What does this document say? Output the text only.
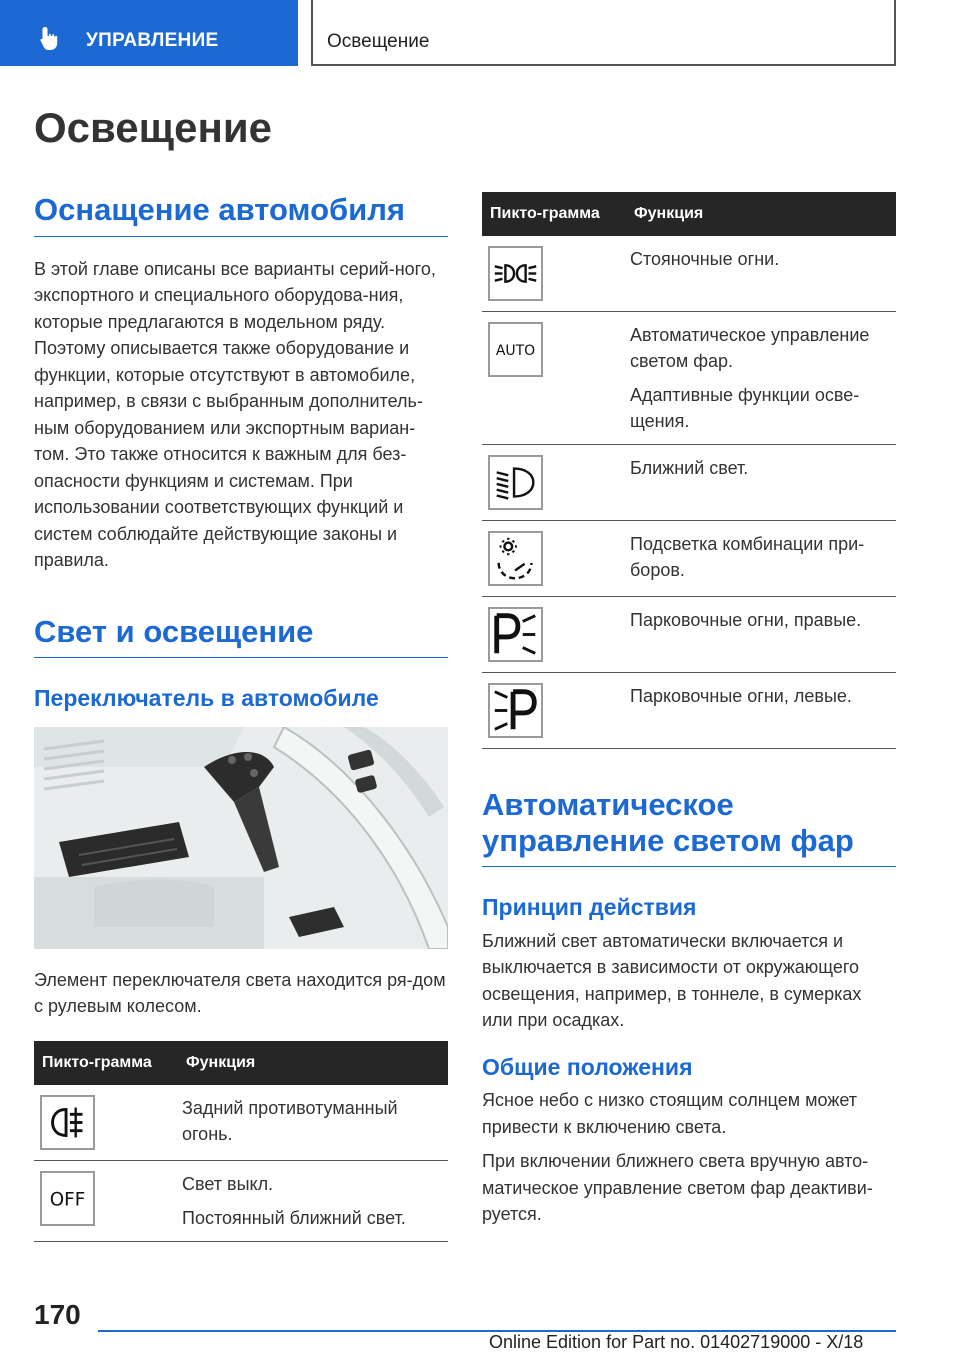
УПРАВЛЕНИЕ	Освещение
Освещение
Оснащение автомобиля

В этой главе описаны все варианты серий-ного, экспортного и специального оборудова-ния, которые предлагаются в модельном ряду. Поэтому описывается также оборудование и функции, которые отсутствуют в автомобиле, например, в связи с выбранным дополнитель-ным оборудованием или экспортным вариан-том. Это также относится к важным для без-опасности функциям и системам. При использовании соответствующих функций и систем соблюдайте действующие законы и правила.

Свет и освещение
Переключатель в автомобиле

Элемент переключателя света находится ря-дом с рулевым колесом.

Пикто-грамма	Функция

Задний противотуманный огонь.

OFF	Свет выкл.

Постоянный ближний свет.

Пикто-грамма	Функция

Стояночные огни.

AUTO	Автоматическое управление светом фар.

Адаптивные функции осве-щения.

Ближний свет.

Подсветка комбинации при-боров.

Парковочные огни, правые.

Парковочные огни, левые.

Автоматическое управление светом фар
Принцип действия

Ближний свет автоматически включается и выключается в зависимости от окружающего освещения, например, в тоннеле, в сумерках или при осадках.

Общие положения

Ясное небо с низко стоящим солнцем может привести к включению света.

При включении ближнего света вручную авто-матическое управление светом фар деактиви-руется.

170
Online Edition for Part no. 01402719000 - X/18
